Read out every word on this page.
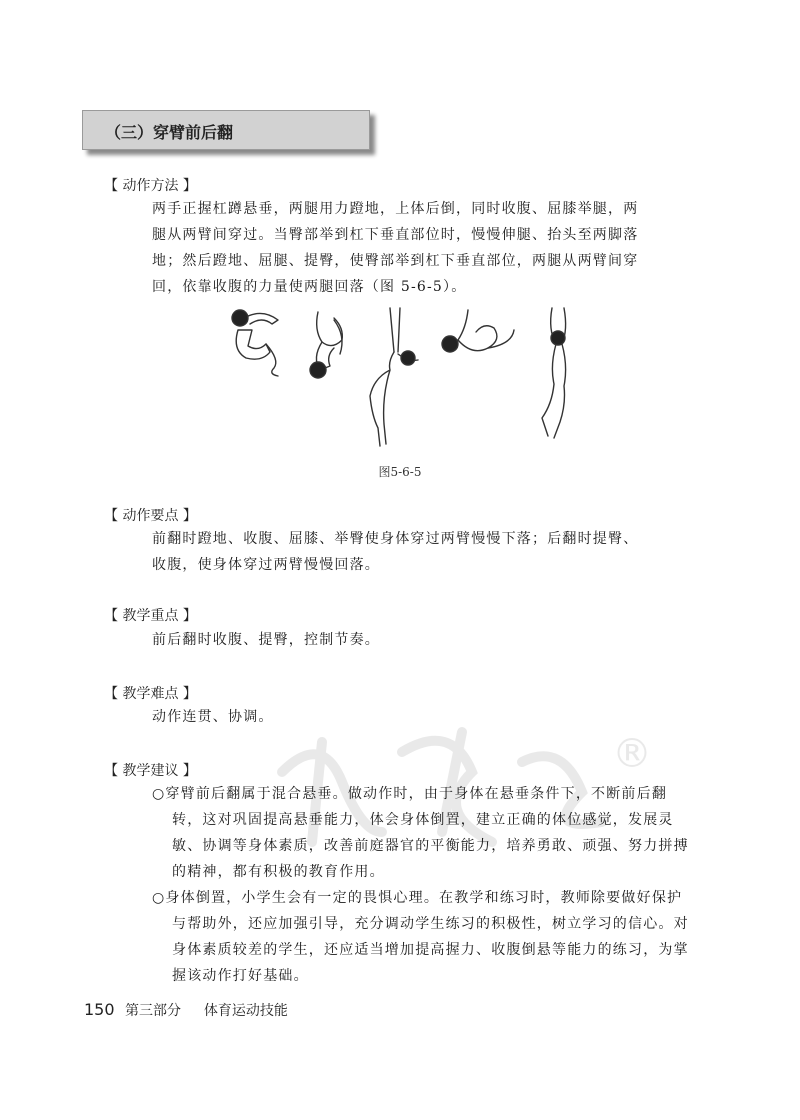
®
（三）穿臂前后翻
【 动作方法 】

两手正握杠蹲悬垂，两腿用力蹬地，上体后倒，同时收腹、屈膝举腿，两

腿从两臂间穿过。当臀部举到杠下垂直部位时，慢慢伸腿、抬头至两脚落

地；然后蹬地、屈腿、提臀，使臀部举到杠下垂直部位，两腿从两臂间穿

回，依靠收腹的力量使两腿回落（图 5-6-5）。

图5-6-5
【 动作要点 】

前翻时蹬地、收腹、屈膝、举臀使身体穿过两臂慢慢下落；后翻时提臀、

收腹，使身体穿过两臂慢慢回落。

【 教学重点 】

前后翻时收腹、提臀，控制节奏。

【 教学难点 】

动作连贯、协调。

【 教学建议 】

○穿臂前后翻属于混合悬垂。做动作时，由于身体在悬垂条件下，不断前后翻转，这对巩固提高悬垂能力，体会身体倒置，建立正确的体位感觉，发展灵敏、协调等身体素质，改善前庭器官的平衡能力，培养勇敢、顽强、努力拼搏的精神，都有积极的教育作用。

○身体倒置，小学生会有一定的畏惧心理。在教学和练习时，教师除要做好保护与帮助外，还应加强引导，充分调动学生练习的积极性，树立学习的信心。对身体素质较差的学生，还应适当增加提高握力、收腹倒悬等能力的练习，为掌握该动作打好基础。

150 第三部分 体育运动技能
